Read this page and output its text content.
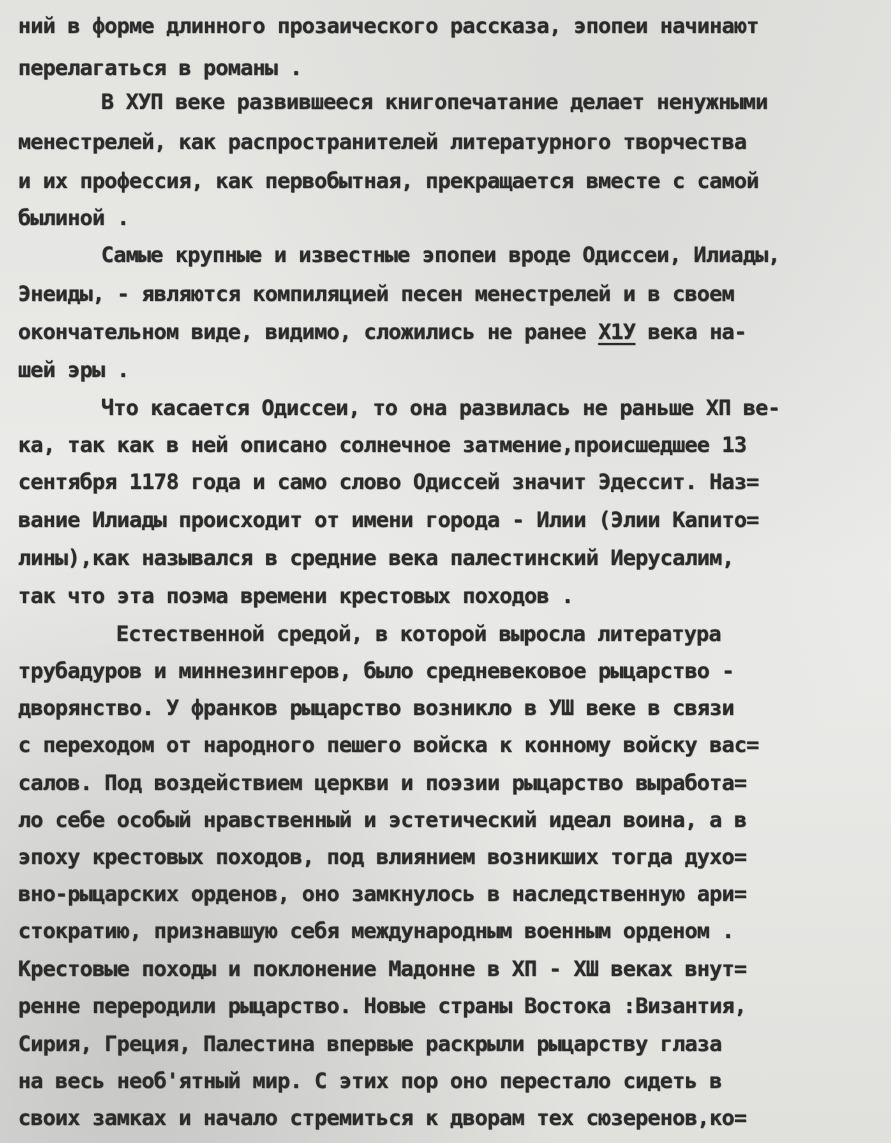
ний в форме длинного прозаического рассказа, эпопеи начинают
перелагаться в романы .
В ХУП веке развившееся книгопечатание делает ненужными
менестрелей, как распространителей литературного творчества
и их профессия, как первобытная, прекращается вместе с самой
былиной .
Самые крупные и известные эпопеи вроде Одиссеи, Илиады,
Энеиды, - являются компиляцией песен менестрелей и в своем
окончательном виде, видимо, сложились не ранее Х1У века на-
шей эры .
Что касается Одиссеи, то она развилась не раньше ХП ве-
ка, так как в ней описано солнечное затмение,происшедшее 13
сентября 1178 года и само слово Одиссей значит Эдессит. Наз=
вание Илиады происходит от имени города - Илии (Элии Капито=
лины),как назывался в средние века палестинский Иерусалим,
так что эта поэма времени крестовых походов .
Естественной средой, в которой выросла литература
трубадуров и миннезингеров, было средневековое рыцарство -
дворянство. У франков рыцарство возникло в УШ веке в связи
с переходом от народного пешего войска к конному войску вас=
салов. Под воздействием церкви и поэзии рыцарство выработа=
ло себе особый нравственный и эстетический идеал воина, а в
эпоху крестовых походов, под влиянием возникших тогда духо=
вно-рыцарских орденов, оно замкнулось в наследственную ари=
стократию, признавшую себя международным военным орденом .
Крестовые походы и поклонение Мадонне в ХП - ХШ веках внут=
ренне переродили рыцарство. Новые страны Востока :Византия,
Сирия, Греция, Палестина впервые раскрыли рыцарству глаза
на весь необ'ятный мир. С этих пор оно перестало сидеть в
своих замках и начало стремиться к дворам тех сюзеренов,ко=
